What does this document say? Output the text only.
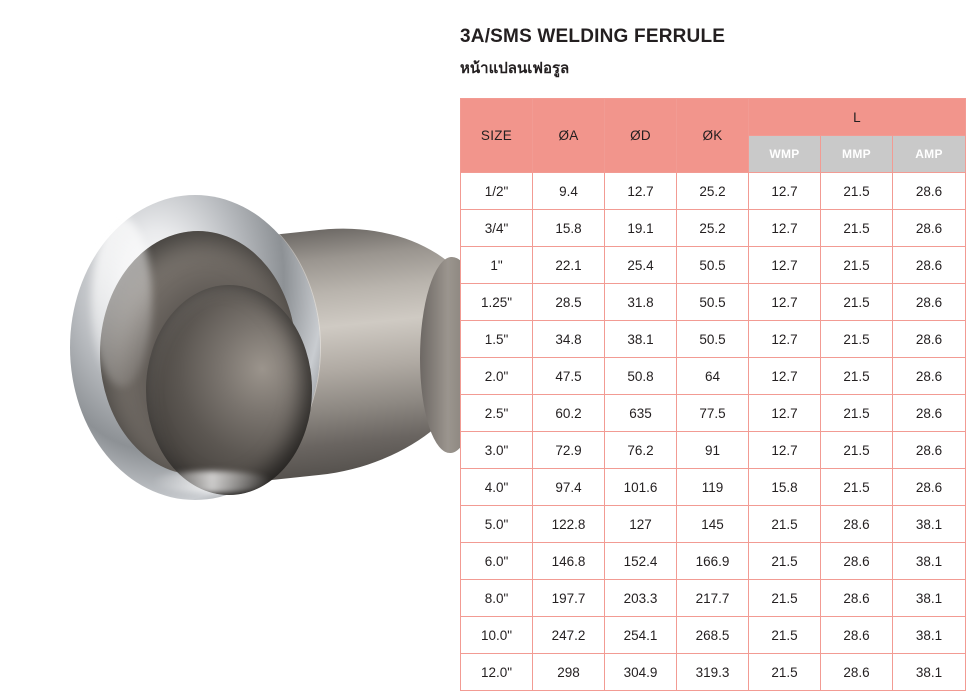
3A/SMS WELDING FERRULE
หน้าแปลนเฟอรูล
SIZE	ØA	ØD	ØK	L		
				WMP	MMP	AMP
1/2"	9.4	12.7	25.2	12.7	21.5	28.6
3/4"	15.8	19.1	25.2	12.7	21.5	28.6
1"	22.1	25.4	50.5	12.7	21.5	28.6
1.25"	28.5	31.8	50.5	12.7	21.5	28.6
1.5"	34.8	38.1	50.5	12.7	21.5	28.6
2.0"	47.5	50.8	64	12.7	21.5	28.6
2.5"	60.2	635	77.5	12.7	21.5	28.6
3.0"	72.9	76.2	91	12.7	21.5	28.6
4.0"	97.4	101.6	119	15.8	21.5	28.6
5.0"	122.8	127	145	21.5	28.6	38.1
6.0"	146.8	152.4	166.9	21.5	28.6	38.1
8.0"	197.7	203.3	217.7	21.5	28.6	38.1
10.0"	247.2	254.1	268.5	21.5	28.6	38.1
12.0"	298	304.9	319.3	21.5	28.6	38.1
